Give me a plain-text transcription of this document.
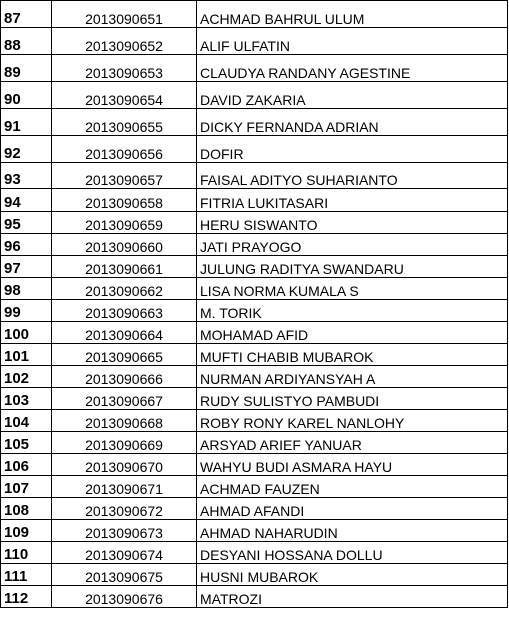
87	2013090651	ACHMAD BAHRUL ULUM
88	2013090652	ALIF ULFATIN
89	2013090653	CLAUDYA RANDANY AGESTINE
90	2013090654	DAVID ZAKARIA
91	2013090655	DICKY FERNANDA ADRIAN
92	2013090656	DOFIR
93	2013090657	FAISAL ADITYO SUHARIANTO
94	2013090658	FITRIA LUKITASARI
95	2013090659	HERU SISWANTO
96	2013090660	JATI PRAYOGO
97	2013090661	JULUNG RADITYA SWANDARU
98	2013090662	LISA NORMA KUMALA S
99	2013090663	M. TORIK
100	2013090664	MOHAMAD AFID
101	2013090665	MUFTI CHABIB MUBAROK
102	2013090666	NURMAN ARDIYANSYAH A
103	2013090667	RUDY SULISTYO PAMBUDI
104	2013090668	ROBY RONY KAREL NANLOHY
105	2013090669	ARSYAD ARIEF YANUAR
106	2013090670	WAHYU BUDI ASMARA HAYU
107	2013090671	ACHMAD FAUZEN
108	2013090672	AHMAD AFANDI
109	2013090673	AHMAD NAHARUDIN
110	2013090674	DESYANI HOSSANA DOLLU
111	2013090675	HUSNI MUBAROK
112	2013090676	MATROZI
